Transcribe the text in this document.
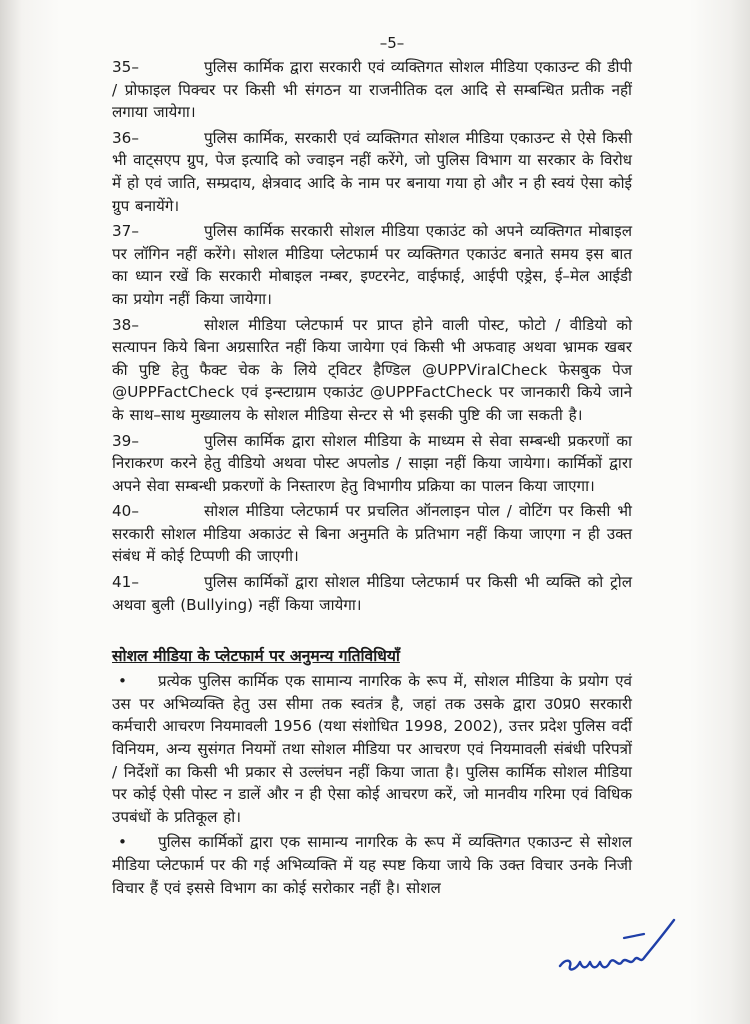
–5–
35–	पुलिस कार्मिक द्वारा सरकारी एवं व्यक्तिगत सोशल मीडिया एकाउन्ट की डीपी / प्रोफाइल पिक्चर पर किसी भी संगठन या राजनीतिक दल आदि से सम्बन्धित प्रतीक नहीं लगाया जायेगा।
36–	पुलिस कार्मिक, सरकारी एवं व्यक्तिगत सोशल मीडिया एकाउन्ट से ऐसे किसी भी वाट्सएप ग्रुप, पेज इत्यादि को ज्वाइन नहीं करेंगे, जो पुलिस विभाग या सरकार के विरोध में हो एवं जाति, सम्प्रदाय, क्षेत्रवाद आदि के नाम पर बनाया गया हो और न ही स्वयं ऐसा कोई ग्रुप बनायेंगे।
37–	पुलिस कार्मिक सरकारी सोशल मीडिया एकाउंट को अपने व्यक्तिगत मोबाइल पर लॉगिन नहीं करेंगे। सोशल मीडिया प्लेटफार्म पर व्यक्तिगत एकाउंट बनाते समय इस बात का ध्यान रखें कि सरकारी मोबाइल नम्बर, इण्टरनेट, वाईफाई, आईपी एड्रेस, ई–मेल आईडी का प्रयोग नहीं किया जायेगा।
38–	सोशल मीडिया प्लेटफार्म पर प्राप्त होने वाली पोस्ट, फोटो / वीडियो को सत्यापन किये बिना अग्रसारित नहीं किया जायेगा एवं किसी भी अफवाह अथवा भ्रामक खबर की पुष्टि हेतु फैक्ट चेक के लिये ट्विटर हैण्डिल @UPPViralCheck फेसबुक पेज @UPPFactCheck एवं इन्स्टाग्राम एकाउंट @UPPFactCheck पर जानकारी किये जाने के साथ–साथ मुख्यालय के सोशल मीडिया सेन्टर से भी इसकी पुष्टि की जा सकती है।
39–	पुलिस कार्मिक द्वारा सोशल मीडिया के माध्यम से सेवा सम्बन्धी प्रकरणों का निराकरण करने हेतु वीडियो अथवा पोस्ट अपलोड / साझा नहीं किया जायेगा। कार्मिकों द्वारा अपने सेवा सम्बन्धी प्रकरणों के निस्तारण हेतु विभागीय प्रक्रिया का पालन किया जाएगा।
40–	सोशल मीडिया प्लेटफार्म पर प्रचलित ऑनलाइन पोल / वोटिंग पर किसी भी सरकारी सोशल मीडिया अकाउंट से बिना अनुमति के प्रतिभाग नहीं किया जाएगा न ही उक्त संबंध में कोई टिप्पणी की जाएगी।
41–	पुलिस कार्मिकों द्वारा सोशल मीडिया प्लेटफार्म पर किसी भी व्यक्ति को ट्रोल अथवा बुली (Bullying) नहीं किया जायेगा।
सोशल मीडिया के प्लेटफार्म पर अनुमन्य गतिविधियाँ
• प्रत्येक पुलिस कार्मिक एक सामान्य नागरिक के रूप में, सोशल मीडिया के प्रयोग एवं उस पर अभिव्यक्ति हेतु उस सीमा तक स्वतंत्र है, जहां तक उसके द्वारा उ0प्र0 सरकारी कर्मचारी आचरण नियमावली 1956 (यथा संशोधित 1998, 2002), उत्तर प्रदेश पुलिस वर्दी विनियम, अन्य सुसंगत नियमों तथा सोशल मीडिया पर आचरण एवं नियमावली संबंधी परिपत्रों / निर्देशों का किसी भी प्रकार से उल्लंघन नहीं किया जाता है। पुलिस कार्मिक सोशल मीडिया पर कोई ऐसी पोस्ट न डालें और न ही ऐसा कोई आचरण करें, जो मानवीय गरिमा एवं विधिक उपबंधों के प्रतिकूल हो।
• पुलिस कार्मिकों द्वारा एक सामान्य नागरिक के रूप में व्यक्तिगत एकाउन्ट से सोशल मीडिया प्लेटफार्म पर की गई अभिव्यक्ति में यह स्पष्ट किया जाये कि उक्त विचार उनके निजी विचार हैं एवं इससे विभाग का कोई सरोकार नहीं है। सोशल
